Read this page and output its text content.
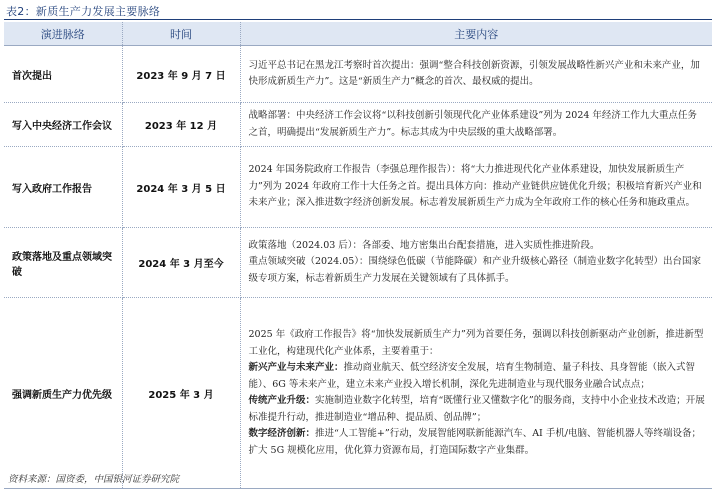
表2：新质生产力发展主要脉络
演进脉络	时间	主要内容
首次提出	2023 年 9 月 7 日	习近平总书记在黑龙江考察时首次提出：强调“整合科技创新资源，引领发展战略性新兴产业和未来产业，加快形成新质生产力”。这是“新质生产力”概念的首次、最权威的提出。

写入中央经济工作会议	2023 年 12 月	战略部署：中央经济工作会议将“以科技创新引领现代化产业体系建设”列为 2024 年经济工作九大重点任务之首，明确提出“发展新质生产力”。标志其成为中央层级的重大战略部署。

写入政府工作报告	2024 年 3 月 5 日	2024 年国务院政府工作报告（李强总理作报告）：将“大力推进现代化产业体系建设，加快发展新质生产力”列为 2024 年政府工作十大任务之首。提出具体方向：推动产业链供应链优化升级；积极培育新兴产业和未来产业；深入推进数字经济创新发展。标志着发展新质生产力成为全年政府工作的核心任务和施政重点。

政策落地及重点领域突破	2024 年 3 月至今	政策落地（2024.03 后）：各部委、地方密集出台配套措施，进入实质性推进阶段。

重点领域突破（2024.05）：围绕绿色低碳（节能降碳）和产业升级核心路径（制造业数字化转型）出台国家级专项方案，标志着新质生产力发展在关键领域有了具体抓手。

强调新质生产力优先级	2025 年 3 月	2025 年《政府工作报告》将“加快发展新质生产力”列为首要任务，强调以科技创新驱动产业创新，推进新型工业化，构建现代化产业体系，主要着重于：

新兴产业与未来产业：推动商业航天、低空经济安全发展，培育生物制造、量子科技、具身智能（嵌入式智能）、6G 等未来产业，建立未来产业投入增长机制，深化先进制造业与现代服务业融合试点点；

传统产业升级：实施制造业数字化转型，培育“既懂行业又懂数字化”的服务商，支持中小企业技术改造；开展标准提升行动，推进制造业“增品种、提品质、创品牌”；

数字经济创新：推进“人工智能+”行动，发展智能网联新能源汽车、AI 手机/电脑、智能机器人等终端设备；扩大 5G 规模化应用，优化算力资源布局，打造国际数字产业集群。

资料来源：国资委，中国银河证券研究院
